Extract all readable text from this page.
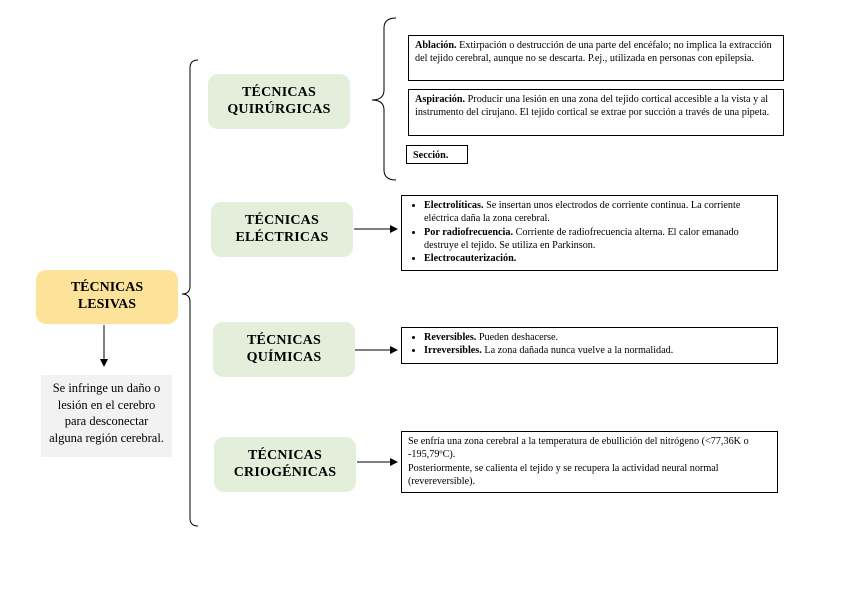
TÉCNICAS
LESIVAS
Se infringe un daño o lesión en el cerebro para desconectar alguna región cerebral.
TÉCNICAS
QUIRÚRGICAS
TÉCNICAS
ELÉCTRICAS
TÉCNICAS
QUÍMICAS
TÉCNICAS
CRIOGÉNICAS

Ablación. Extirpación o destrucción de una parte del encéfalo; no implica la extracción del tejido cerebral, aunque no se descarta. P.ej., utilizada en personas con epilepsia.

Aspiración. Producir una lesión en una zona del tejido cortical accesible a la vista y al instrumento del cirujano. El tejido cortical se extrae por succión a través de una pipeta.

Sección.

• Electrolíticas. Se insertan unos electrodos de corriente continua. La corriente eléctrica daña la zona cerebral.
• Por radiofrecuencia. Corriente de radiofrecuencia alterna. El calor emanado destruye el tejido. Se utiliza en Parkinson.
• Electrocauterización.
• Reversibles. Pueden deshacerse.
• Irreversibles. La zona dañada nunca vuelve a la normalidad.

Se enfría una zona cerebral a la temperatura de ebullición del nitrógeno (<77,36K o -195,79ºC).

Posteriormente, se calienta el tejido y se recupera la actividad neural normal (revereversible).
